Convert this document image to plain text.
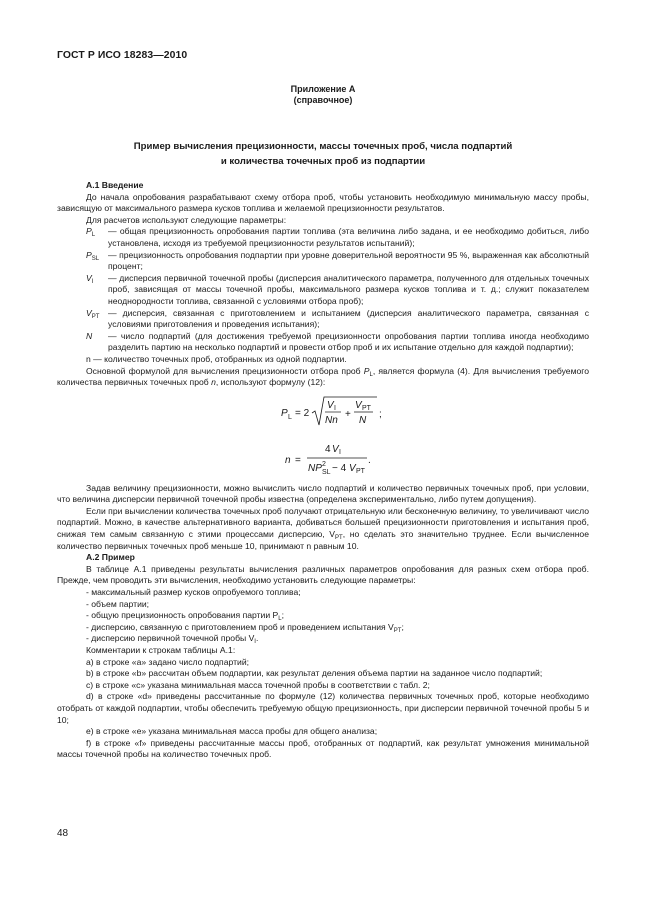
ГОСТ Р ИСО 18283—2010
Приложение А
(справочное)
Пример вычисления прецизионности, массы точечных проб, числа подпартий
и количества точечных проб из подпартии

А.1 Введение

До начала опробования разрабатывают схему отбора проб, чтобы установить необходимую минимальную массу пробы, зависящую от максимального размера кусков топлива и желаемой прецизионности результатов.

Для расчетов используют следующие параметры:

$P_L$ — общая прецизионность опробования партии топлива (эта величина либо задана, и ее необходимо добиться, либо установлена, исходя из требуемой прецизионности результатов испытаний);
$P_{SL}$ — прецизионность опробования подпартии при уровне доверительной вероятности 95 %, выраженная как абсолютный процент;
$V_I$ — дисперсия первичной точечной пробы (дисперсия аналитического параметра, полученного для отдельных точечных проб, зависящая от массы точечной пробы, максимального размера кусков топлива и т. д.; служит показателем неоднородности топлива, связанной с условиями отбора проб);
$V_{PT}$ — дисперсия, связанная с приготовлением и испытанием (дисперсия аналитического параметра, связанная с условиями приготовления и проведения испытания);
N — число подпартий (для достижения требуемой прецизионности опробования партии топлива иногда необходимо разделить партию на несколько подпартий и провести отбор проб и их испытание отдельно для каждой подпартии);

n — количество точечных проб, отобранных из одной подпартии.

Основной формулой для вычисления прецизионности отбора проб $P_L$, является формула (4). Для вычисления требуемого количества первичных точечных проб n, используют формулу (12):

P L = 2
V I
Nn
+
V PT
N
;
n =
4 V I
NP 2
SL − 4 V PT
.

Задав величину прецизионности, можно вычислить число подпартий и количество первичных точечных проб, при условии, что величина дисперсии первичной точечной пробы известна (определена экспериментально, либо путем допущения).

Если при вычислении количества точечных проб получают отрицательную или бесконечную величину, то увеличивают число подпартий. Можно, в качестве альтернативного варианта, добиваться большей прецизионности приготовления и испытания проб, снижая тем самым связанную с этими процессами дисперсию, $V_{PT}$, но сделать это значительно труднее. Если вычисленное количество первичных точечных проб меньше 10, принимают n равным 10.

А.2 Пример

В таблице А.1 приведены результаты вычисления различных параметров опробования для разных схем отбора проб. Прежде, чем проводить эти вычисления, необходимо установить следующие параметры:

- максимальный размер кусков опробуемого топлива;

- объем партии;

- общую прецизионность опробования партии $P_L$;

- дисперсию, связанную с приготовлением проб и проведением испытания $V_{PT}$;

- дисперсию первичной точечной пробы $V_I$.

Комментарии к строкам таблицы А.1:

а) в строке «а» задано число подпартий;

b) в строке «b» рассчитан объем подпартии, как результат деления объема партии на заданное число подпартий;

c) в строке «c» указана минимальная масса точечной пробы в соответствии с табл. 2;

d) в строке «d» приведены рассчитанные по формуле (12) количества первичных точечных проб, которые необходимо отобрать от каждой подпартии, чтобы обеспечить требуемую общую прецизионность, при дисперсии первичной точечной пробы 5 и 10;

е) в строке «е» указана минимальная масса пробы для общего анализа;

f) в строке «f» приведены рассчитанные массы проб, отобранных от подпартий, как результат умножения минимальной массы точечной пробы на количество точечных проб.

48
